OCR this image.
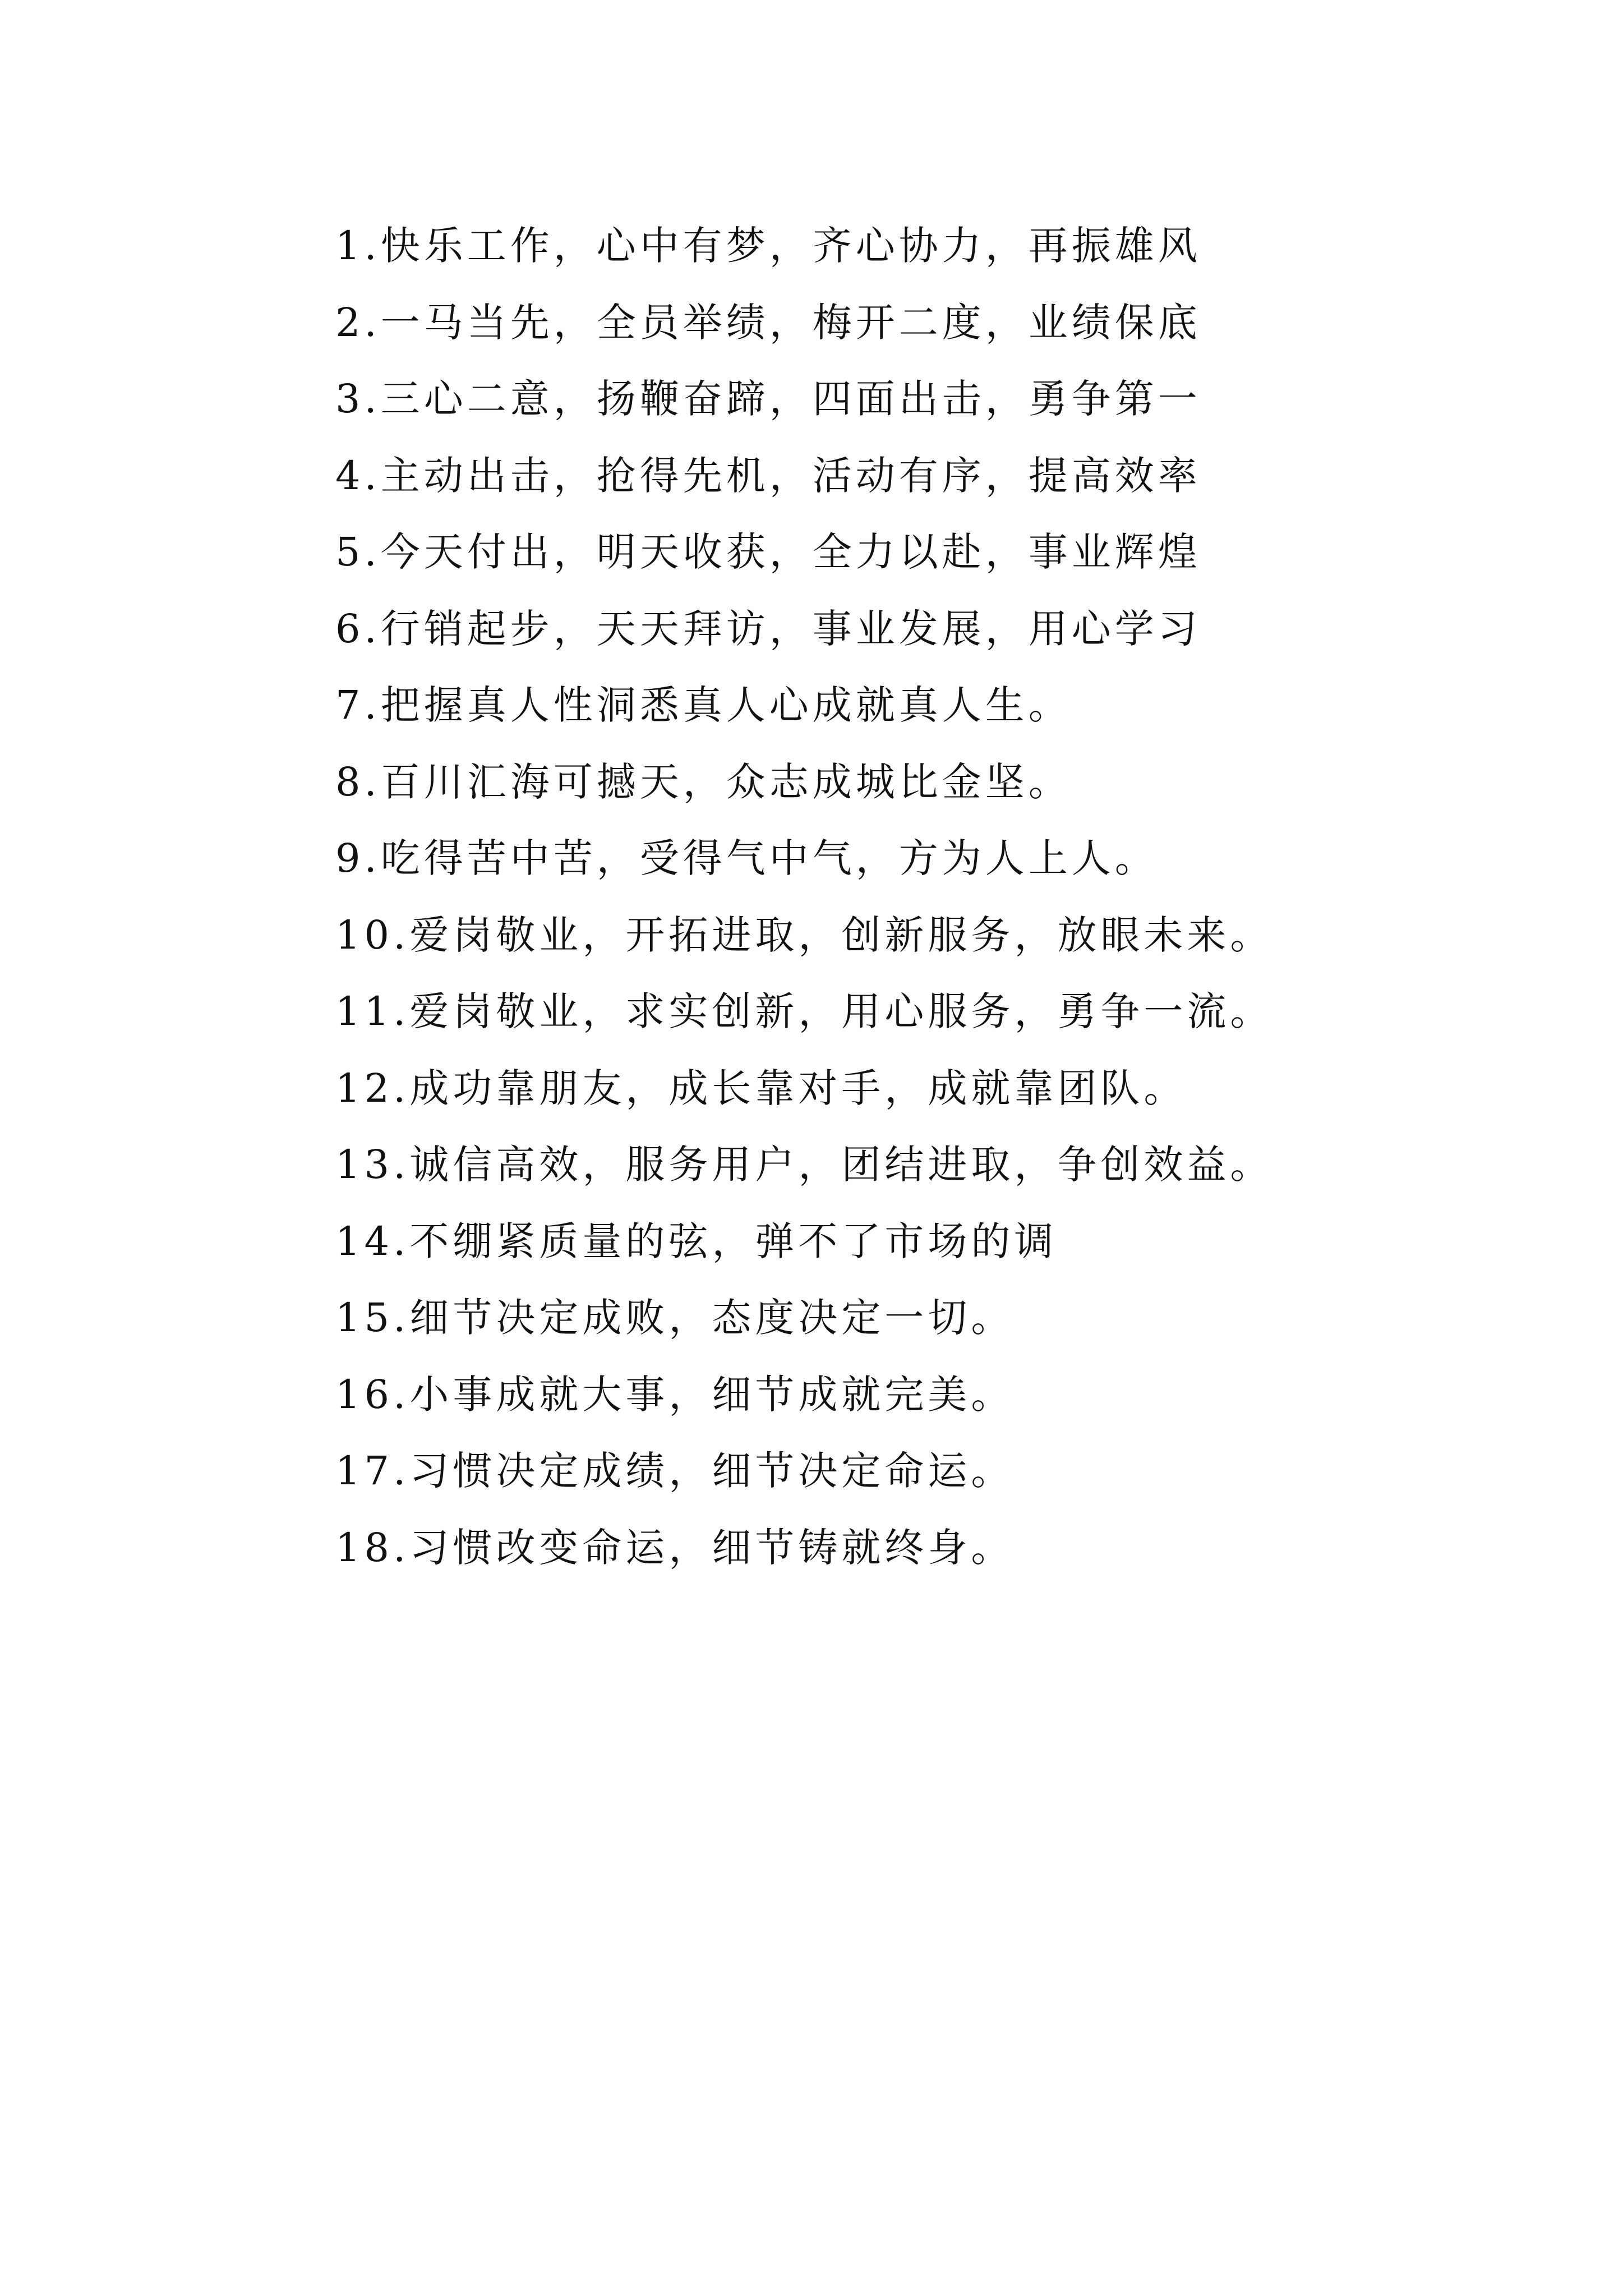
1.快乐工作，心中有梦，齐心协力，再振雄风
2.一马当先，全员举绩，梅开二度，业绩保底
3.三心二意，扬鞭奋蹄，四面出击，勇争第一
4.主动出击，抢得先机，活动有序，提高效率
5.今天付出，明天收获，全力以赴，事业辉煌
6.行销起步，天天拜访，事业发展，用心学习
7.把握真人性洞悉真人心成就真人生。
8.百川汇海可撼天，众志成城比金坚。
9.吃得苦中苦，受得气中气，方为人上人。
10.爱岗敬业，开拓进取，创新服务，放眼未来。
11.爱岗敬业，求实创新，用心服务，勇争一流。
12.成功靠朋友，成长靠对手，成就靠团队。
13.诚信高效，服务用户，团结进取，争创效益。
14.不绷紧质量的弦，弹不了市场的调
15.细节决定成败，态度决定一切。
16.小事成就大事，细节成就完美。
17.习惯决定成绩，细节决定命运。
18.习惯改变命运，细节铸就终身。
